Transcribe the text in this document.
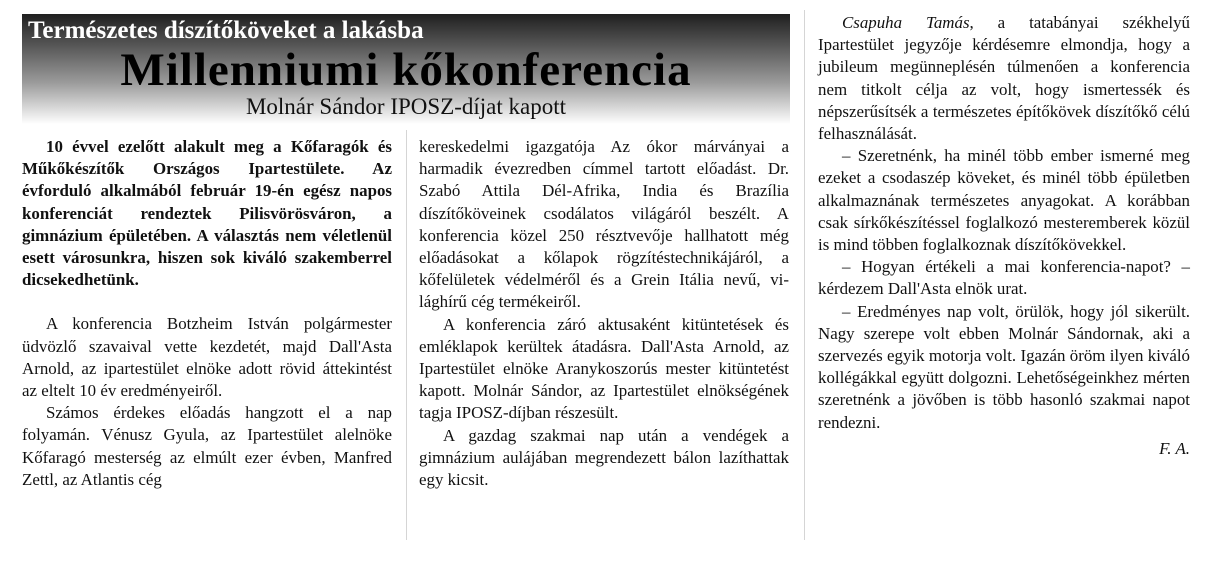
Természetes díszítőköveket a lakásba
Millenniumi kőkonferencia
Molnár Sándor IPOSZ-díjat kapott

10 évvel ezelőtt alakult meg a Kőfaragók és Műkőkészítők Országos Ipartestülete. Az évforduló alkalmából február 19-én egész napos konferenciát rendeztek Pilisvörösváron, a gimnázium épületében. A választás nem véletlenül esett városunkra, hiszen sok kiváló szakemberrel dicsekedhetünk.

A konferencia Botzheim István polgármester üdvözlő szavaival vette kezdetét, majd Dall'Asta Arnold, az ipartestület elnöke adott rövid áttekintést az eltelt 10 év eredményeiről.

Számos érdekes előadás hangzott el a nap folyamán. Vénusz Gyula, az Ipartestület alelnöke Kőfaragó mesterség az elmúlt ezer évben, Manfred Zettl, az Atlantis cég

kereskedelmi igazgatója Az ókor márványai a harmadik évezredben címmel tartott előadást. Dr. Szabó Attila Dél-Afrika, India és Brazília díszítőköveinek csodálatos világáról beszélt. A konferencia közel 250 résztvevője hallhatott még előadásokat a kőlapok rögzítéstechnikájáról, a kőfelületek védelméről és a Grein Itália nevű, világhírű cég termékeiről.

A konferencia záró aktusaként kitüntetések és emléklapok kerültek átadásra. Dall'Asta Arnold, az Ipartestület elnöke Aranykoszorús mester kitüntetést kapott. Molnár Sándor, az Ipartestület elnökségének tagja IPOSZ-díjban részesült.

A gazdag szakmai nap után a vendégek a gimnázium aulájában megrendezett bálon lazíthattak egy kicsit.

Csapuha Tamás, a tatabányai székhelyű Ipartestület jegyzője kérdésemre elmondja, hogy a jubileum megünneplésén túlmenően a konferencia nem titkolt célja az volt, hogy ismertessék és népszerűsítsék a természetes építőkövek díszítőkő célú felhasználását.

– Szeretnénk, ha minél több ember ismerné meg ezeket a csodaszép köveket, és minél több épületben alkalmaznának természetes anyagokat. A korábban csak sírkőkészítéssel foglalkozó mesteremberek közül is mind többen foglalkoznak díszítőkövekkel.

– Hogyan értékeli a mai konferencia-napot? – kérdezem Dall'Asta elnök urat.

– Eredményes nap volt, örülök, hogy jól sikerült. Nagy szerepe volt ebben Molnár Sándornak, aki a szervezés egyik motorja volt. Igazán öröm ilyen kiváló kollégákkal együtt dolgozni. Lehetőségeinkhez mérten szeretnénk a jövőben is több hasonló szakmai napot rendezni.

F. A.
